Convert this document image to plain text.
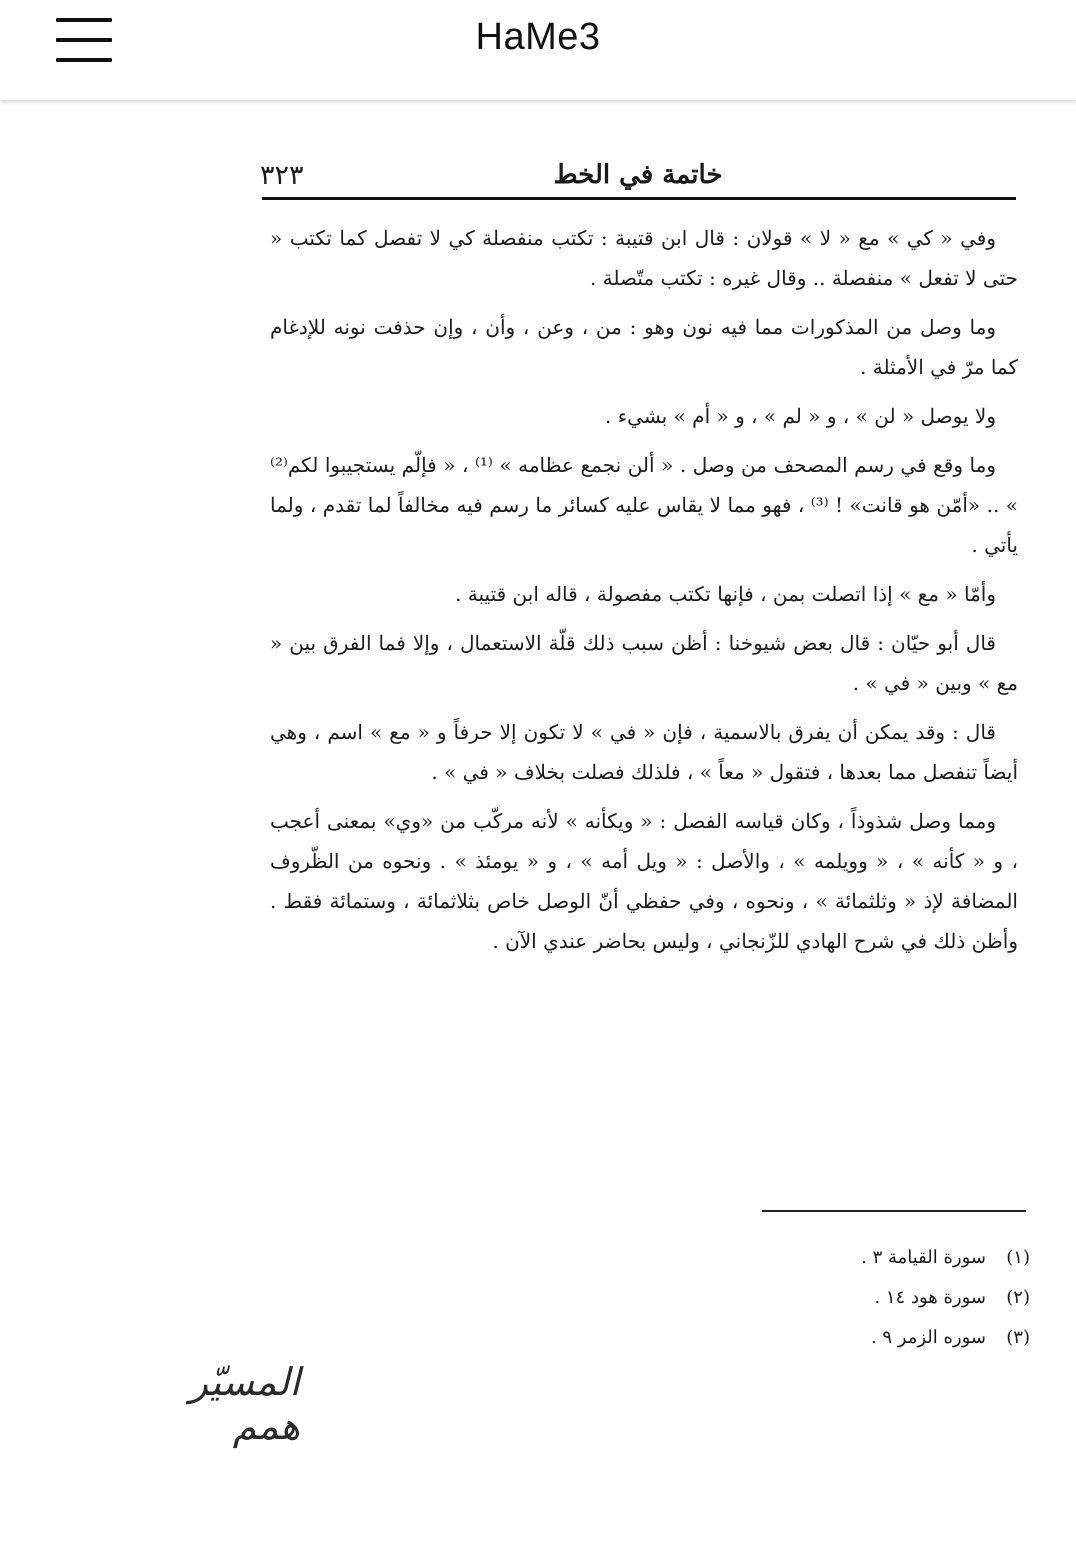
HaMe3
٣٢٣	خاتمة في الخط

وفي « كي » مع « لا » قولان : قال ابن قتيبة : تكتب منفصلة كي لا تفصل كما تكتب « حتى لا تفعل » منفصلة .. وقال غيره : تكتب متّصلة .

وما وصل من المذكورات مما فيه نون وهو : من ، وعن ، وأن ، وإن حذفت نونه للإدغام كما مرّ في الأمثلة .

ولا يوصل « لن » ، و « لم » ، و « أم » بشيء .

وما وقع في رسم المصحف من وصل . « ألن نجمع عظامه » ⁽¹⁾ ، « فإلّم يستجيبوا لكم⁽²⁾ » .. «أمّن هو قانت» ! ⁽³⁾ ، فهو مما لا يقاس عليه كسائر ما رسم فيه مخالفاً لما تقدم ، ولما يأتي .

وأمّا « مع » إذا اتصلت بمن ، فإنها تكتب مفصولة ، قاله ابن قتيبة .

قال أبو حيّان : قال بعض شيوخنا : أظن سبب ذلك قلّة الاستعمال ، وإلا فما الفرق بين « مع » وبين « في » .

قال : وقد يمكن أن يفرق بالاسمية ، فإن « في » لا تكون إلا حرفاً و « مع » اسم ، وهي أيضاً تنفصل مما بعدها ، فتقول « معاً » ، فلذلك فصلت بخلاف « في » .

ومما وصل شذوذاً ، وكان قياسه الفصل : « ويكأنه » لأنه مركّب من «وي» بمعنى أعجب ، و « كأنه » ، « وويلمه » ، والأصل : « ويل أمه » ، و « يومئذ » . ونحوه من الظّروف المضافة لإذ « وثلثمائة » ، ونحوه ، وفي حفظي أنّ الوصل خاص بثلاثمائة ، وستمائة فقط . وأظن ذلك في شرح الهادي للزّنجاني ، وليس بحاضر عندي الآن .

(١)
سورة القيامة ٣ .
(٢)
سورة هود ١٤ .
(٣)
سوره الزمر ٩ .
المسيّر همم
